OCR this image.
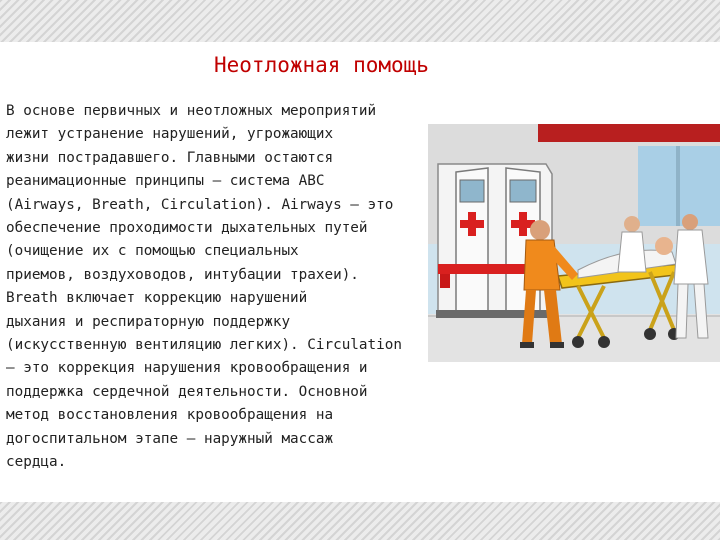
Неотложная помощь
В основе первичных и неотложных мероприятий
лежит устранение нарушений, угрожающих
жизни пострадавшего. Главными остаются
реанимационные принципы – система АВС
(Airways, Breath, Circulation). Airways – это
обеспечение проходимости дыхательных путей
(очищение их с помощью специальных
приемов, воздуховодов, интубации трахеи).
Breath включает коррекцию нарушений
дыхания и респираторную поддержку
(искусственную вентиляцию легких). Circulation
– это коррекция нарушения кровообращения и
поддержка сердечной деятельности. Основной
метод восстановления кровообращения на
догоспитальном этапе – наружный массаж
сердца.
